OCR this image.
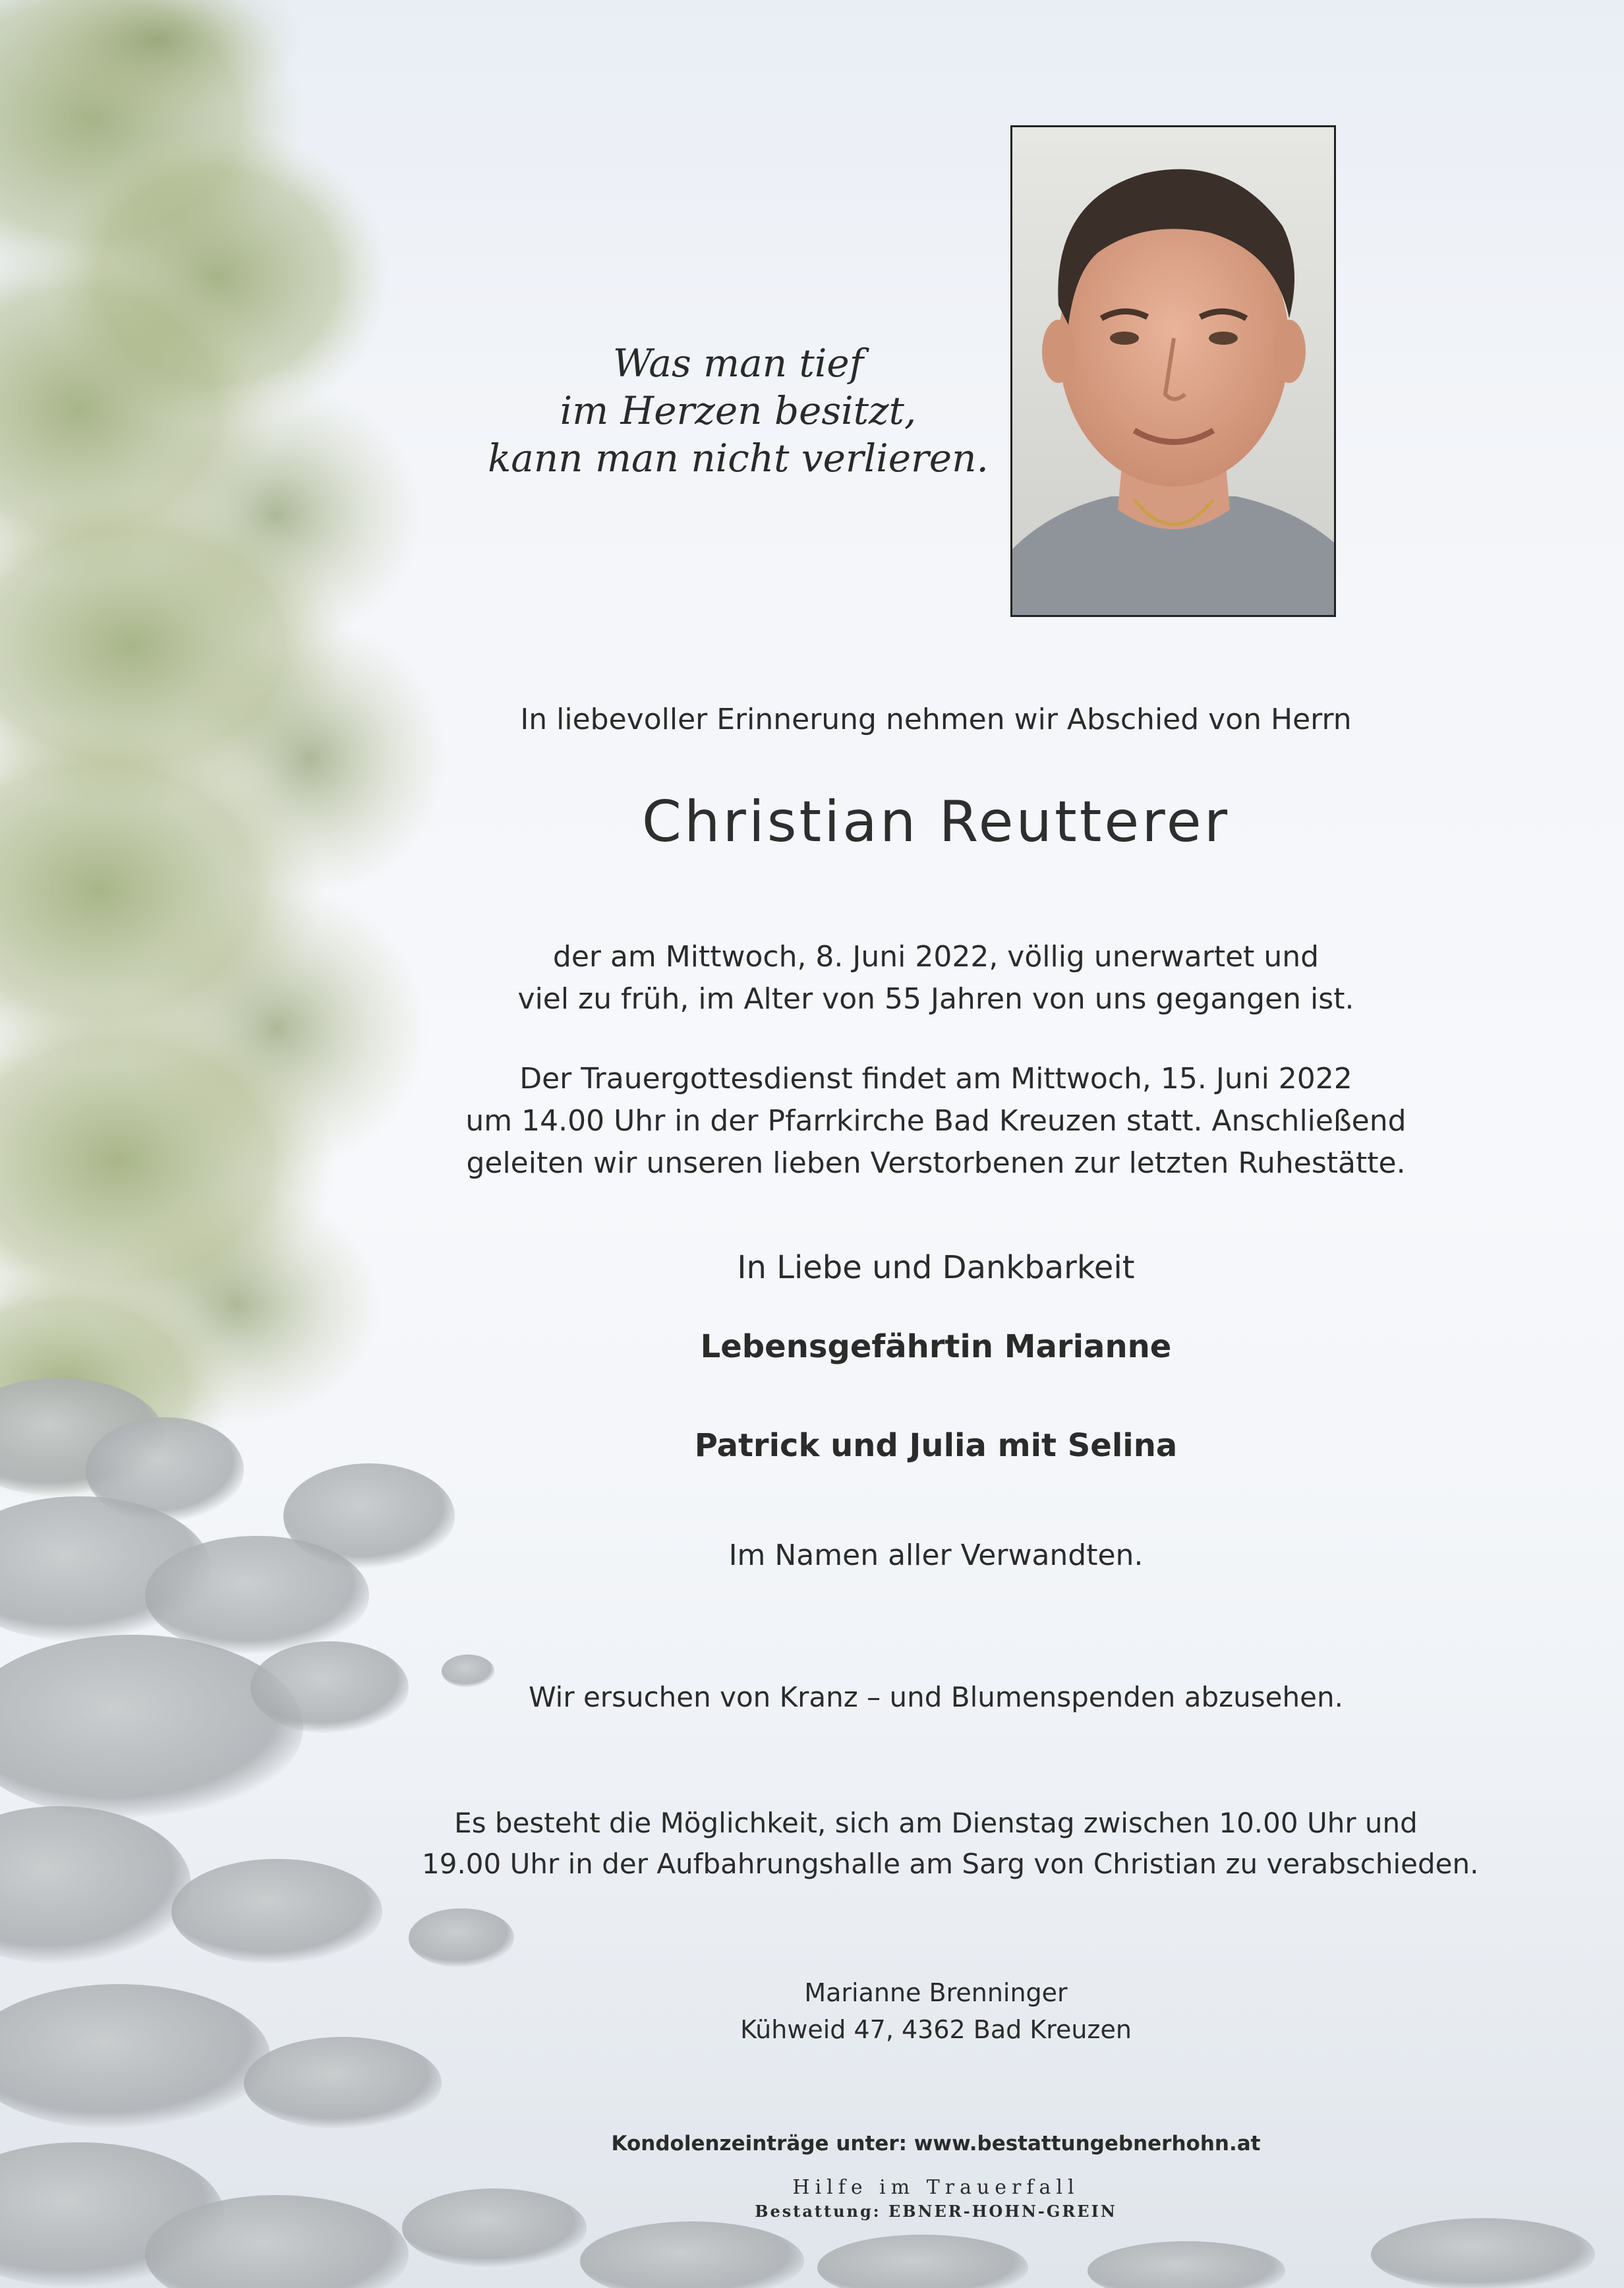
Was man tief
im Herzen besitzt,
kann man nicht verlieren.
In liebevoller Erinnerung nehmen wir Abschied von Herrn
Christian Reutterer
der am Mittwoch, 8. Juni 2022, völlig unerwartet und
viel zu früh, im Alter von 55 Jahren von uns gegangen ist.
Der Trauergottesdienst findet am Mittwoch, 15. Juni 2022
um 14.00 Uhr in der Pfarrkirche Bad Kreuzen statt. Anschließend
geleiten wir unseren lieben Verstorbenen zur letzten Ruhestätte.
In Liebe und Dankbarkeit
Lebensgefährtin Marianne
Patrick und Julia mit Selina
Im Namen aller Verwandten.
Wir ersuchen von Kranz – und Blumenspenden abzusehen.
Es besteht die Möglichkeit, sich am Dienstag zwischen 10.00 Uhr und
19.00 Uhr in der Aufbahrungshalle am Sarg von Christian zu verabschieden.
Marianne Brenninger
Kühweid 47, 4362 Bad Kreuzen
Kondolenzeinträge unter: www.bestattungebnerhohn.at
Hilfe im Trauerfall
Bestattung: EBNER-HOHN-GREIN
